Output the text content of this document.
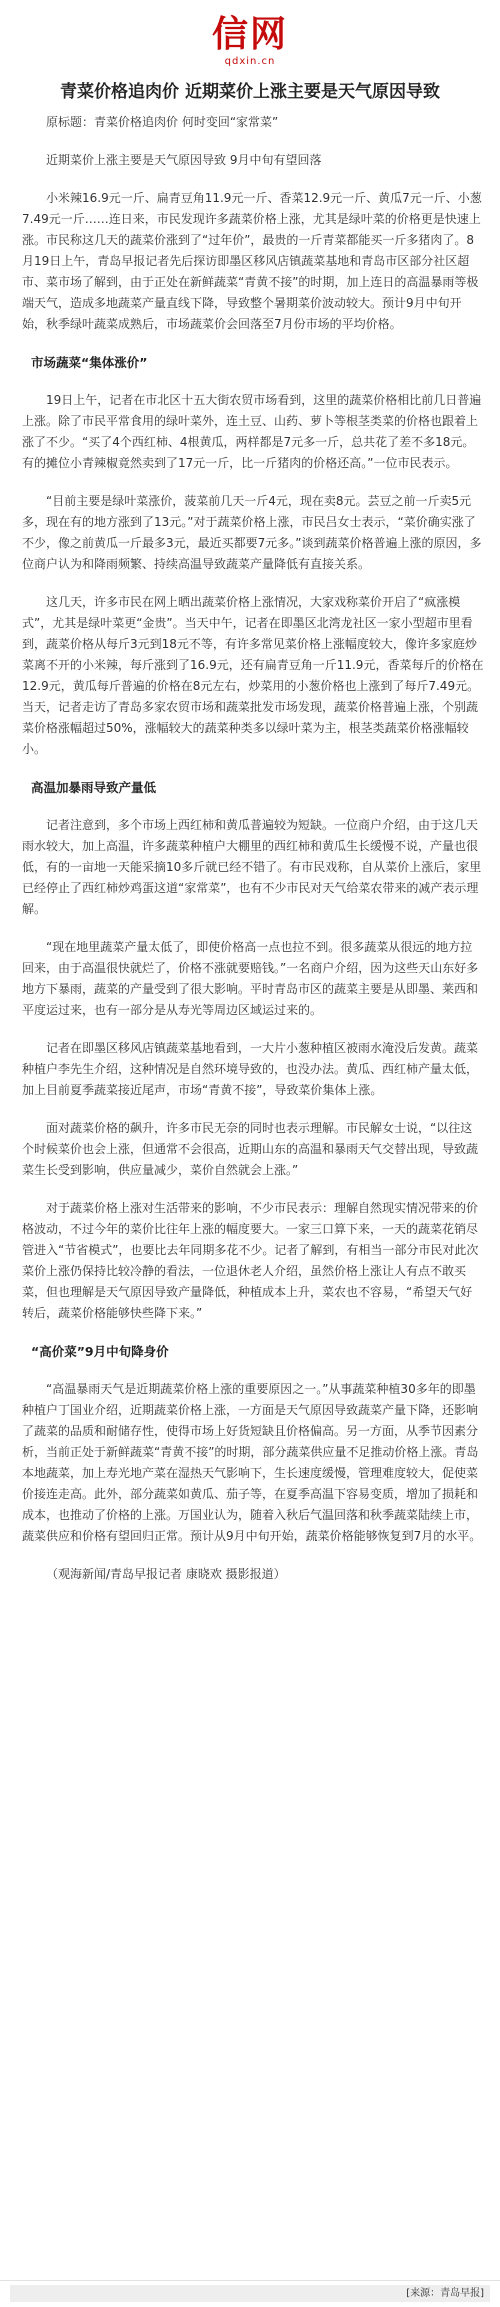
信网
qdxin.cn
青菜价格追肉价 近期菜价上涨主要是天气原因导致

原标题：青菜价格追肉价 何时变回“家常菜”

近期菜价上涨主要是天气原因导致 9月中旬有望回落

小米辣16.9元一斤、扁青豆角11.9元一斤、香菜12.9元一斤、黄瓜7元一斤、小葱7.49元一斤……连日来，市民发现许多蔬菜价格上涨，尤其是绿叶菜的价格更是快速上涨。市民称这几天的蔬菜价涨到了“过年价”，最贵的一斤青菜都能买一斤多猪肉了。8月19日上午，青岛早报记者先后探访即墨区移风店镇蔬菜基地和青岛市区部分社区超市、菜市场了解到，由于正处在新鲜蔬菜“青黄不接”的时期，加上连日的高温暴雨等极端天气，造成多地蔬菜产量直线下降，导致整个暑期菜价波动较大。预计9月中旬开始，秋季绿叶蔬菜成熟后，市场蔬菜价会回落至7月份市场的平均价格。

市场蔬菜“集体涨价”

19日上午，记者在市北区十五大街农贸市场看到，这里的蔬菜价格相比前几日普遍上涨。除了市民平常食用的绿叶菜外，连土豆、山药、萝卜等根茎类菜的价格也跟着上涨了不少。“买了4个西红柿、4根黄瓜，两样都是7元多一斤，总共花了差不多18元。有的摊位小青辣椒竟然卖到了17元一斤，比一斤猪肉的价格还高。”一位市民表示。

“目前主要是绿叶菜涨价，菠菜前几天一斤4元，现在卖8元。芸豆之前一斤卖5元多，现在有的地方涨到了13元。”对于蔬菜价格上涨，市民吕女士表示，“菜价确实涨了不少，像之前黄瓜一斤最多3元，最近买都要7元多。”谈到蔬菜价格普遍上涨的原因，多位商户认为和降雨频繁、持续高温导致蔬菜产量降低有直接关系。

这几天，许多市民在网上晒出蔬菜价格上涨情况，大家戏称菜价开启了“疯涨模式”，尤其是绿叶菜更“金贵”。当天中午，记者在即墨区北湾龙社区一家小型超市里看到，蔬菜价格从每斤3元到18元不等，有许多常见菜价格上涨幅度较大，像许多家庭炒菜离不开的小米辣，每斤涨到了16.9元，还有扁青豆角一斤11.9元，香菜每斤的价格在12.9元，黄瓜每斤普遍的价格在8元左右，炒菜用的小葱价格也上涨到了每斤7.49元。当天，记者走访了青岛多家农贸市场和蔬菜批发市场发现，蔬菜价格普遍上涨，个别蔬菜价格涨幅超过50%，涨幅较大的蔬菜种类多以绿叶菜为主，根茎类蔬菜价格涨幅较小。

高温加暴雨导致产量低

记者注意到，多个市场上西红柿和黄瓜普遍较为短缺。一位商户介绍，由于这几天雨水较大，加上高温，许多蔬菜种植户大棚里的西红柿和黄瓜生长缓慢不说，产量也很低，有的一亩地一天能采摘10多斤就已经不错了。有市民戏称，自从菜价上涨后，家里已经停止了西红柿炒鸡蛋这道“家常菜”，也有不少市民对天气给菜农带来的减产表示理解。

“现在地里蔬菜产量太低了，即使价格高一点也拉不到。很多蔬菜从很远的地方拉回来，由于高温很快就烂了，价格不涨就要赔钱。”一名商户介绍，因为这些天山东好多地方下暴雨，蔬菜的产量受到了很大影响。平时青岛市区的蔬菜主要是从即墨、莱西和平度运过来，也有一部分是从寿光等周边区域运过来的。

记者在即墨区移风店镇蔬菜基地看到，一大片小葱种植区被雨水淹没后发黄。蔬菜种植户李先生介绍，这种情况是自然环境导致的，也没办法。黄瓜、西红柿产量太低，加上目前夏季蔬菜接近尾声，市场“青黄不接”，导致菜价集体上涨。

面对蔬菜价格的飙升，许多市民无奈的同时也表示理解。市民解女士说，“以往这个时候菜价也会上涨，但通常不会很高，近期山东的高温和暴雨天气交替出现，导致蔬菜生长受到影响，供应量减少，菜价自然就会上涨。”

对于蔬菜价格上涨对生活带来的影响，不少市民表示：理解自然现实情况带来的价格波动，不过今年的菜价比往年上涨的幅度要大。一家三口算下来，一天的蔬菜花销尽管进入“节省模式”，也要比去年同期多花不少。记者了解到，有相当一部分市民对此次菜价上涨仍保持比较冷静的看法，一位退休老人介绍，虽然价格上涨让人有点不敢买菜，但也理解是天气原因导致产量降低，种植成本上升，菜农也不容易，“希望天气好转后，蔬菜价格能够快些降下来。”

“高价菜”9月中旬降身价

“高温暴雨天气是近期蔬菜价格上涨的重要原因之一。”从事蔬菜种植30多年的即墨种植户丁国业介绍，近期蔬菜价格上涨，一方面是天气原因导致蔬菜产量下降，还影响了蔬菜的品质和耐储存性，使得市场上好货短缺且价格偏高。另一方面，从季节因素分析，当前正处于新鲜蔬菜“青黄不接”的时期，部分蔬菜供应量不足推动价格上涨。青岛本地蔬菜，加上寿光地产菜在湿热天气影响下，生长速度缓慢，管理难度较大，促使菜价接连走高。此外，部分蔬菜如黄瓜、茄子等，在夏季高温下容易变质，增加了损耗和成本，也推动了价格的上涨。万国业认为，随着入秋后气温回落和秋季蔬菜陆续上市，蔬菜供应和价格有望回归正常。预计从9月中旬开始，蔬菜价格能够恢复到7月的水平。

（观海新闻/青岛早报记者 康晓欢 摄影报道）

[来源：青岛早报]
